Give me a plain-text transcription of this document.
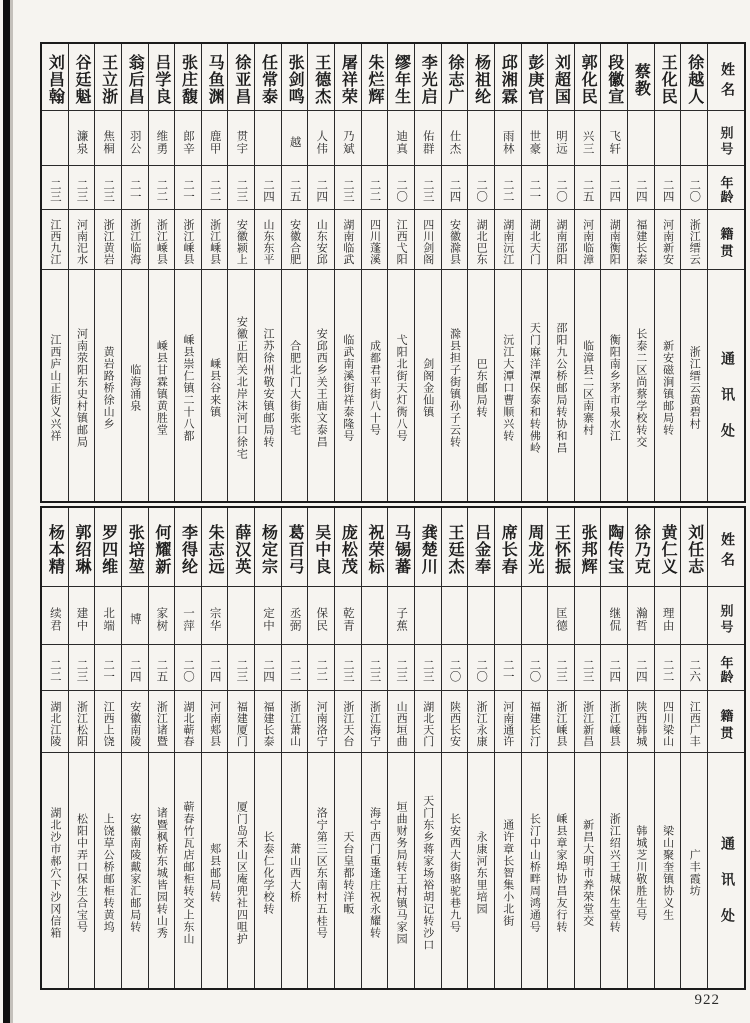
刘昌翰
二三
江西九江
江西庐山正街义兴祥
谷廷魁
濂泉
二三
河南汜水
河南荥阳东史村镇邮局
王立浙
焦桐
二三
浙江黄岩
黄岩路桥徐山乡
翁后昌
羽公
二一
浙江临海
临海涌泉
吕学良
维勇
二二
浙江嵊县
嵊县甘霖镇黄胜堂
张庄馥
郎辛
二一
浙江嵊县
嵊县崇仁镇二十八都
马鱼渊
鹿甲
二二
浙江嵊县
嵊县谷来镇
徐亚昌
贯宇
二三
安徽颍上
安徽正阳关北岸沫河口徐宅
任常泰
二四
山东东平
江苏徐州敬安镇邮局转
张剑鸣
越
二五
安徽合肥
合肥北门大街张宅
王德杰
人伟
二四
山东安邱
安邱西乡关王庙文泰昌
屠祥荣
乃斌
二三
湖南临武
临武南溪街祥泰隆号
朱烂辉
二二
四川蓬溪
成都君平街八十号
缪年生
迪真
二〇
江西弋阳
弋阳北街天灯衖八号
李光启
佑群
二三
四川剑阁
剑阁金仙镇
徐志广
仕杰
二四
安徽滁县
滁县担子街镇孙子云转
杨祖纶
二〇
湖北巴东
巴东邮局转
邱湘霖
雨林
二二
湖南沅江
沅江大潭口曹顺兴转
彭庚官
世豪
二一
湖北天门
天门麻洋潭保泰和转佛岭
刘超国
明远
二〇
湖南邵阳
邵阳九公桥邮局转协和昌
郭化民
兴三
二五
河南临漳
临漳县二区南寨村
段徽宣
飞轩
二四
湖南衡阳
衡阳南乡茅市泉水江
蔡教
二四
福建长泰
长泰二区尚蔡学校转交
王化民
二四
河南新安
新安磁涧镇邮局转
徐越人
二〇
浙江缙云
浙江缙云黄碧村
姓名
别号
年龄
籍贯
通讯处
杨本精
续君
二二
湖北江陵
湖北沙市郝穴下沙冈信箱
郭绍琳
建中
二三
浙江松阳
松阳中弄口保生合宝号
罗四维
北端
二一
江西上饶
上饶草公桥邮柜转黄坞
张培堃
博
二四
安徽南陵
安徽南陵戴家汇邮局转
何耀新
家树
二五
浙江诸暨
诸暨枫桥东城皆园转山秀
李得纶
一萍
二〇
湖北蕲春
蕲春竹瓦店邮柜转交上东山
朱志远
宗华
二四
河南郏县
郏县邮局转
薛汉英
二三
福建厦门
厦门岛禾山区庵兜社四咀护
杨定宗
定中
二四
福建长泰
长泰仁化学校转
葛百弓
丞弼
二二
浙江萧山
萧山西大桥
吴中良
保民
二二
河南洛宁
洛宁第三区东南村五桂号
庞松茂
乾青
二三
浙江天台
天台皇都转洋畈
祝荣标
二三
浙江海宁
海宁西门重逢庄祝永耀转
马锡蕃
子蕉
二三
山西垣曲
垣曲财务局转王村镇马家园
龚楚川
二三
湖北天门
天门东乡蒋家场裕胡记转沙口
王廷杰
二〇
陕西长安
长安西大街骆驼巷九号
吕金奉
二〇
浙江永康
永康河东里培园
席长春
二一
河南通许
通许章长智集小北街
周龙光
二〇
福建长汀
长汀中山桥畔周鸿通号
王怀振
匡德
二三
浙江嵊县
嵊县章家埠协昌友行转
张邦辉
二三
浙江新昌
新昌大明市养荣堂交
陶传宝
继侃
二四
浙江嵊县
浙江绍兴王城保生堂转
徐乃克
瀚哲
二四
陕西韩城
韩城芝川敬胜生号
黄仁义
理由
二二
四川梁山
梁山聚奎镇协义生
刘任志
二六
江西广丰
广丰霞坊
姓名
别号
年龄
籍贯
通讯处
922
